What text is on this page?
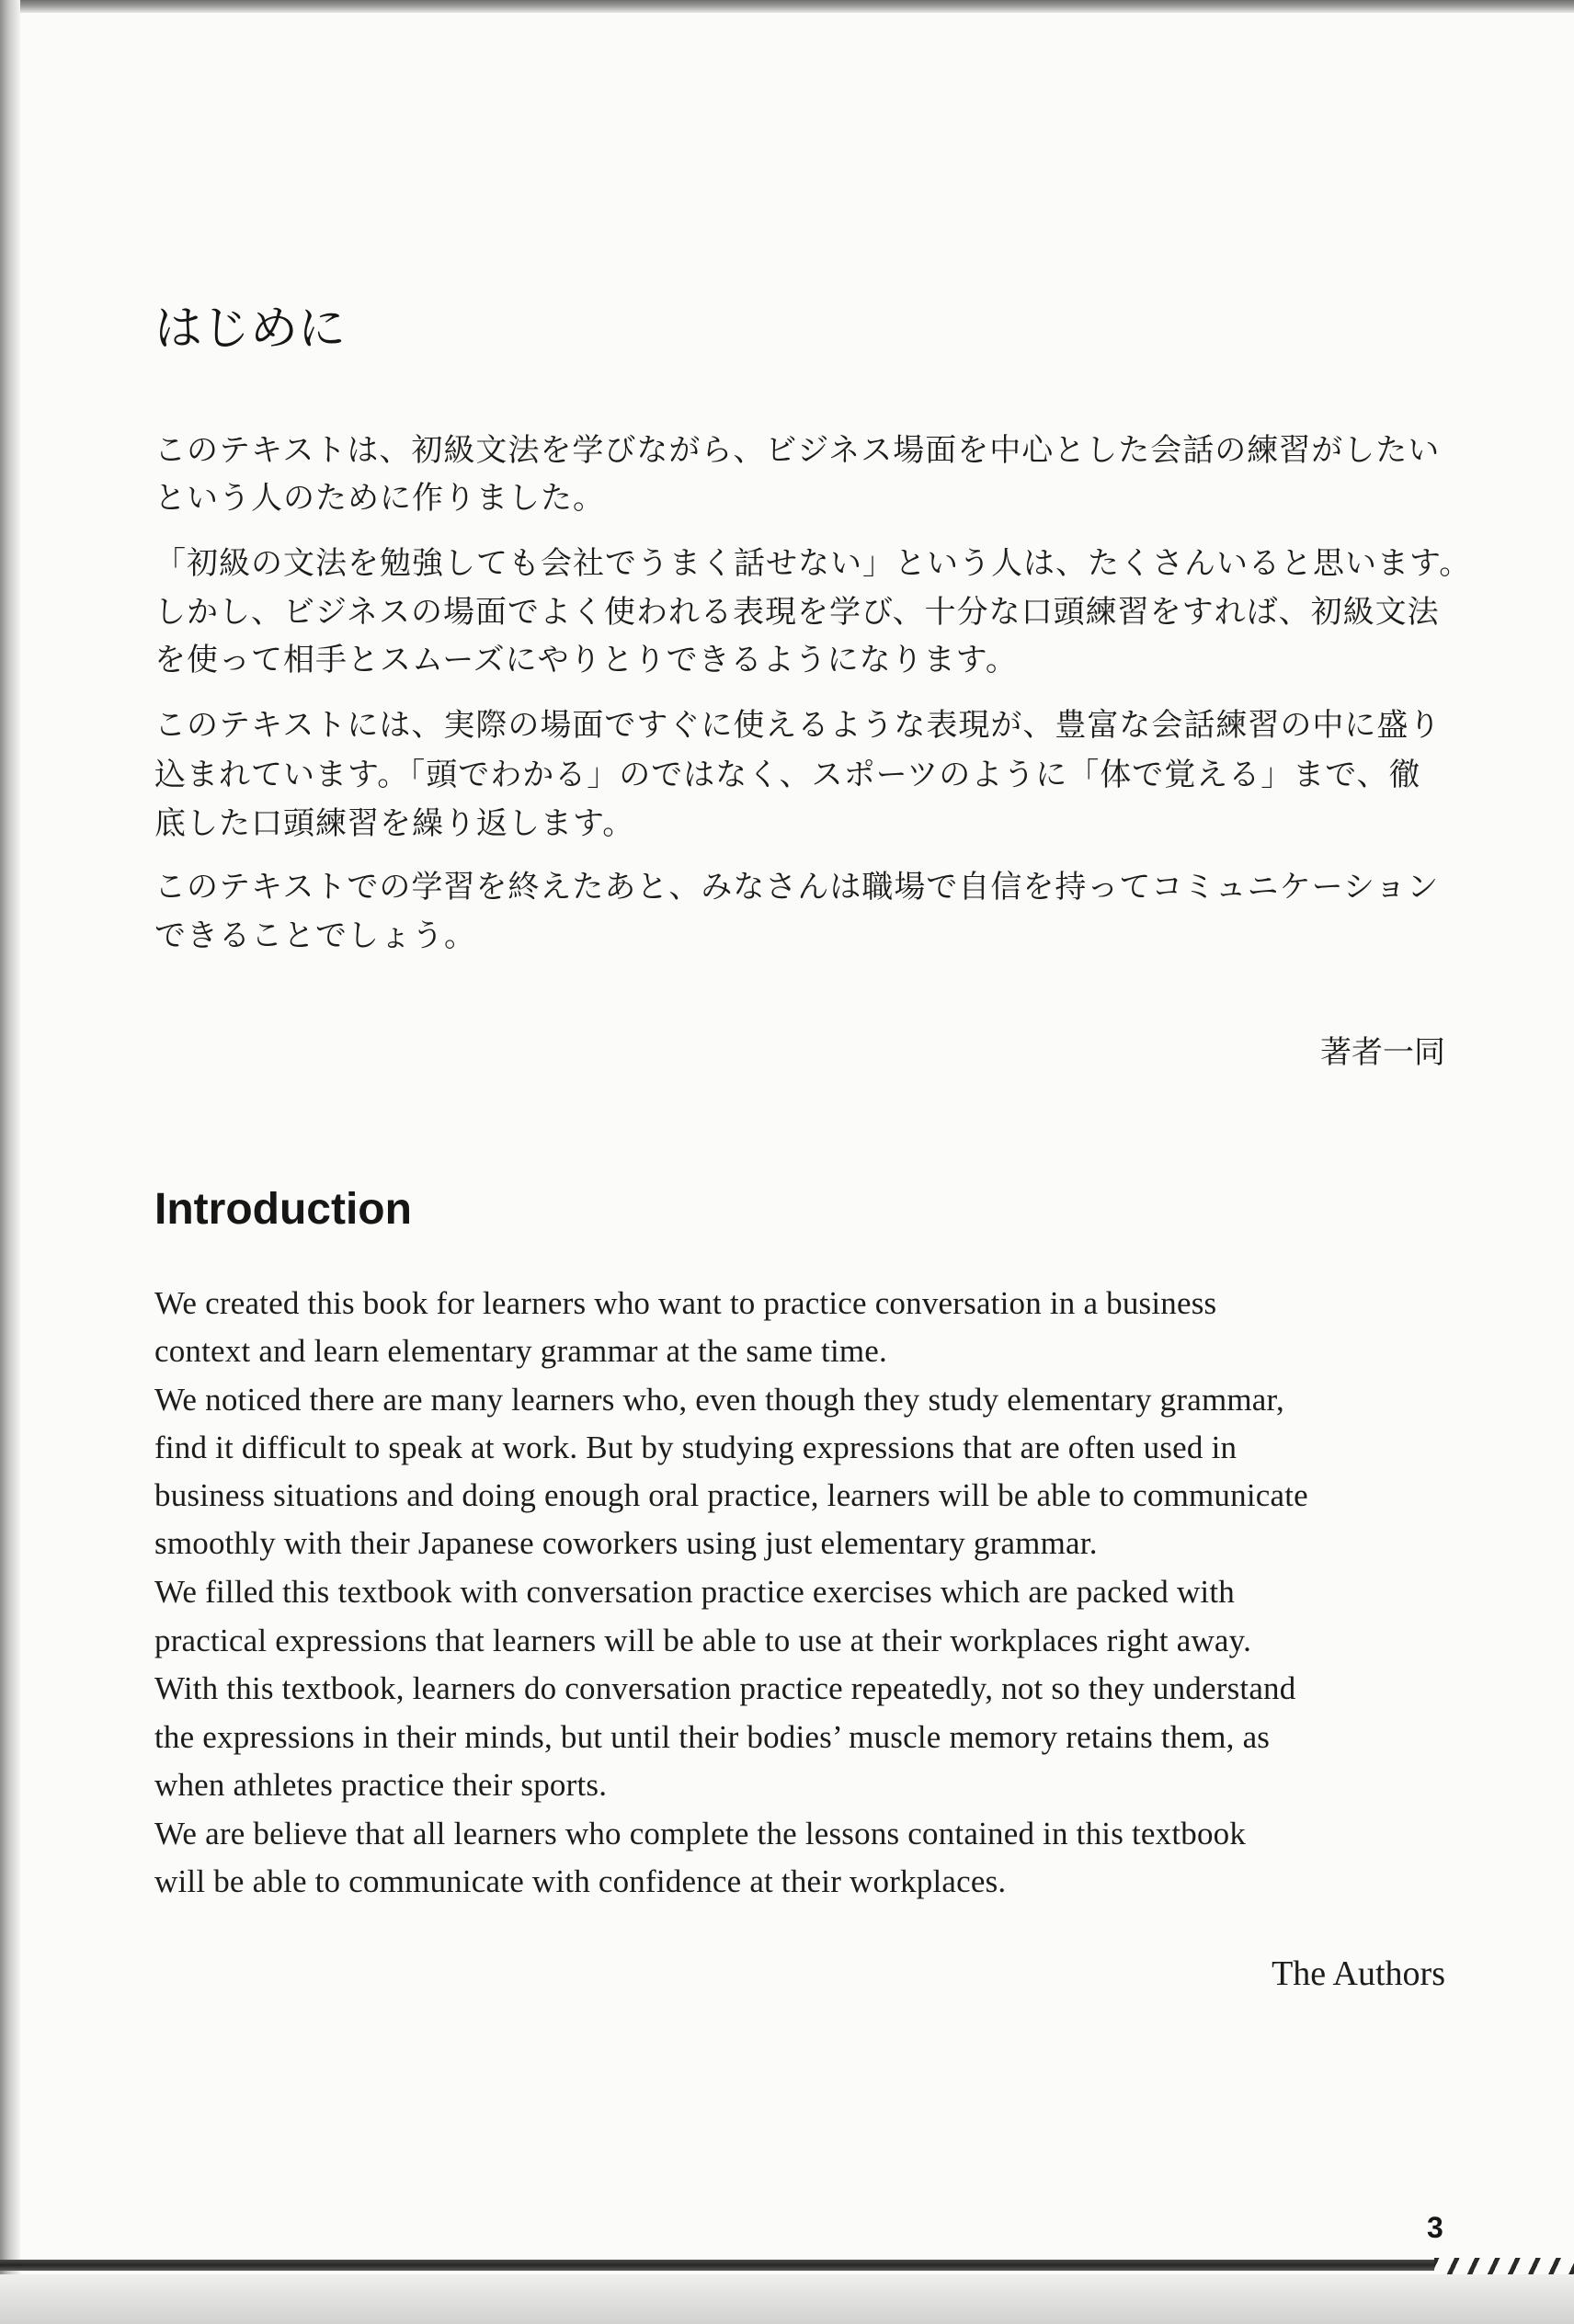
はじめに

このテキストは、初級文法を学びながら、ビジネス場面を中心とした会話の練習がしたい

という人のために作りました。

「初級の文法を勉強しても会社でうまく話せない」という人は、たくさんいると思います。

しかし、ビジネスの場面でよく使われる表現を学び、十分な口頭練習をすれば、初級文法

を使って相手とスムーズにやりとりできるようになります。

このテキストには、実際の場面ですぐに使えるような表現が、豊富な会話練習の中に盛り

込まれています。「頭でわかる」のではなく、スポーツのように「体で覚える」まで、徹

底した口頭練習を繰り返します。

このテキストでの学習を終えたあと、みなさんは職場で自信を持ってコミュニケーション

できることでしょう。

著者一同

Introduction

We created this book for learners who want to practice conversation in a business

context and learn elementary grammar at the same time.

We noticed there are many learners who, even though they study elementary grammar,

find it difficult to speak at work. But by studying expressions that are often used in

business situations and doing enough oral practice, learners will be able to communicate

smoothly with their Japanese coworkers using just elementary grammar.

We filled this textbook with conversation practice exercises which are packed with

practical expressions that learners will be able to use at their workplaces right away.

With this textbook, learners do conversation practice repeatedly, not so they understand

the expressions in their minds, but until their bodies’ muscle memory retains them, as

when athletes practice their sports.

We are believe that all learners who complete the lessons contained in this textbook

will be able to communicate with confidence at their workplaces.

The Authors

3
